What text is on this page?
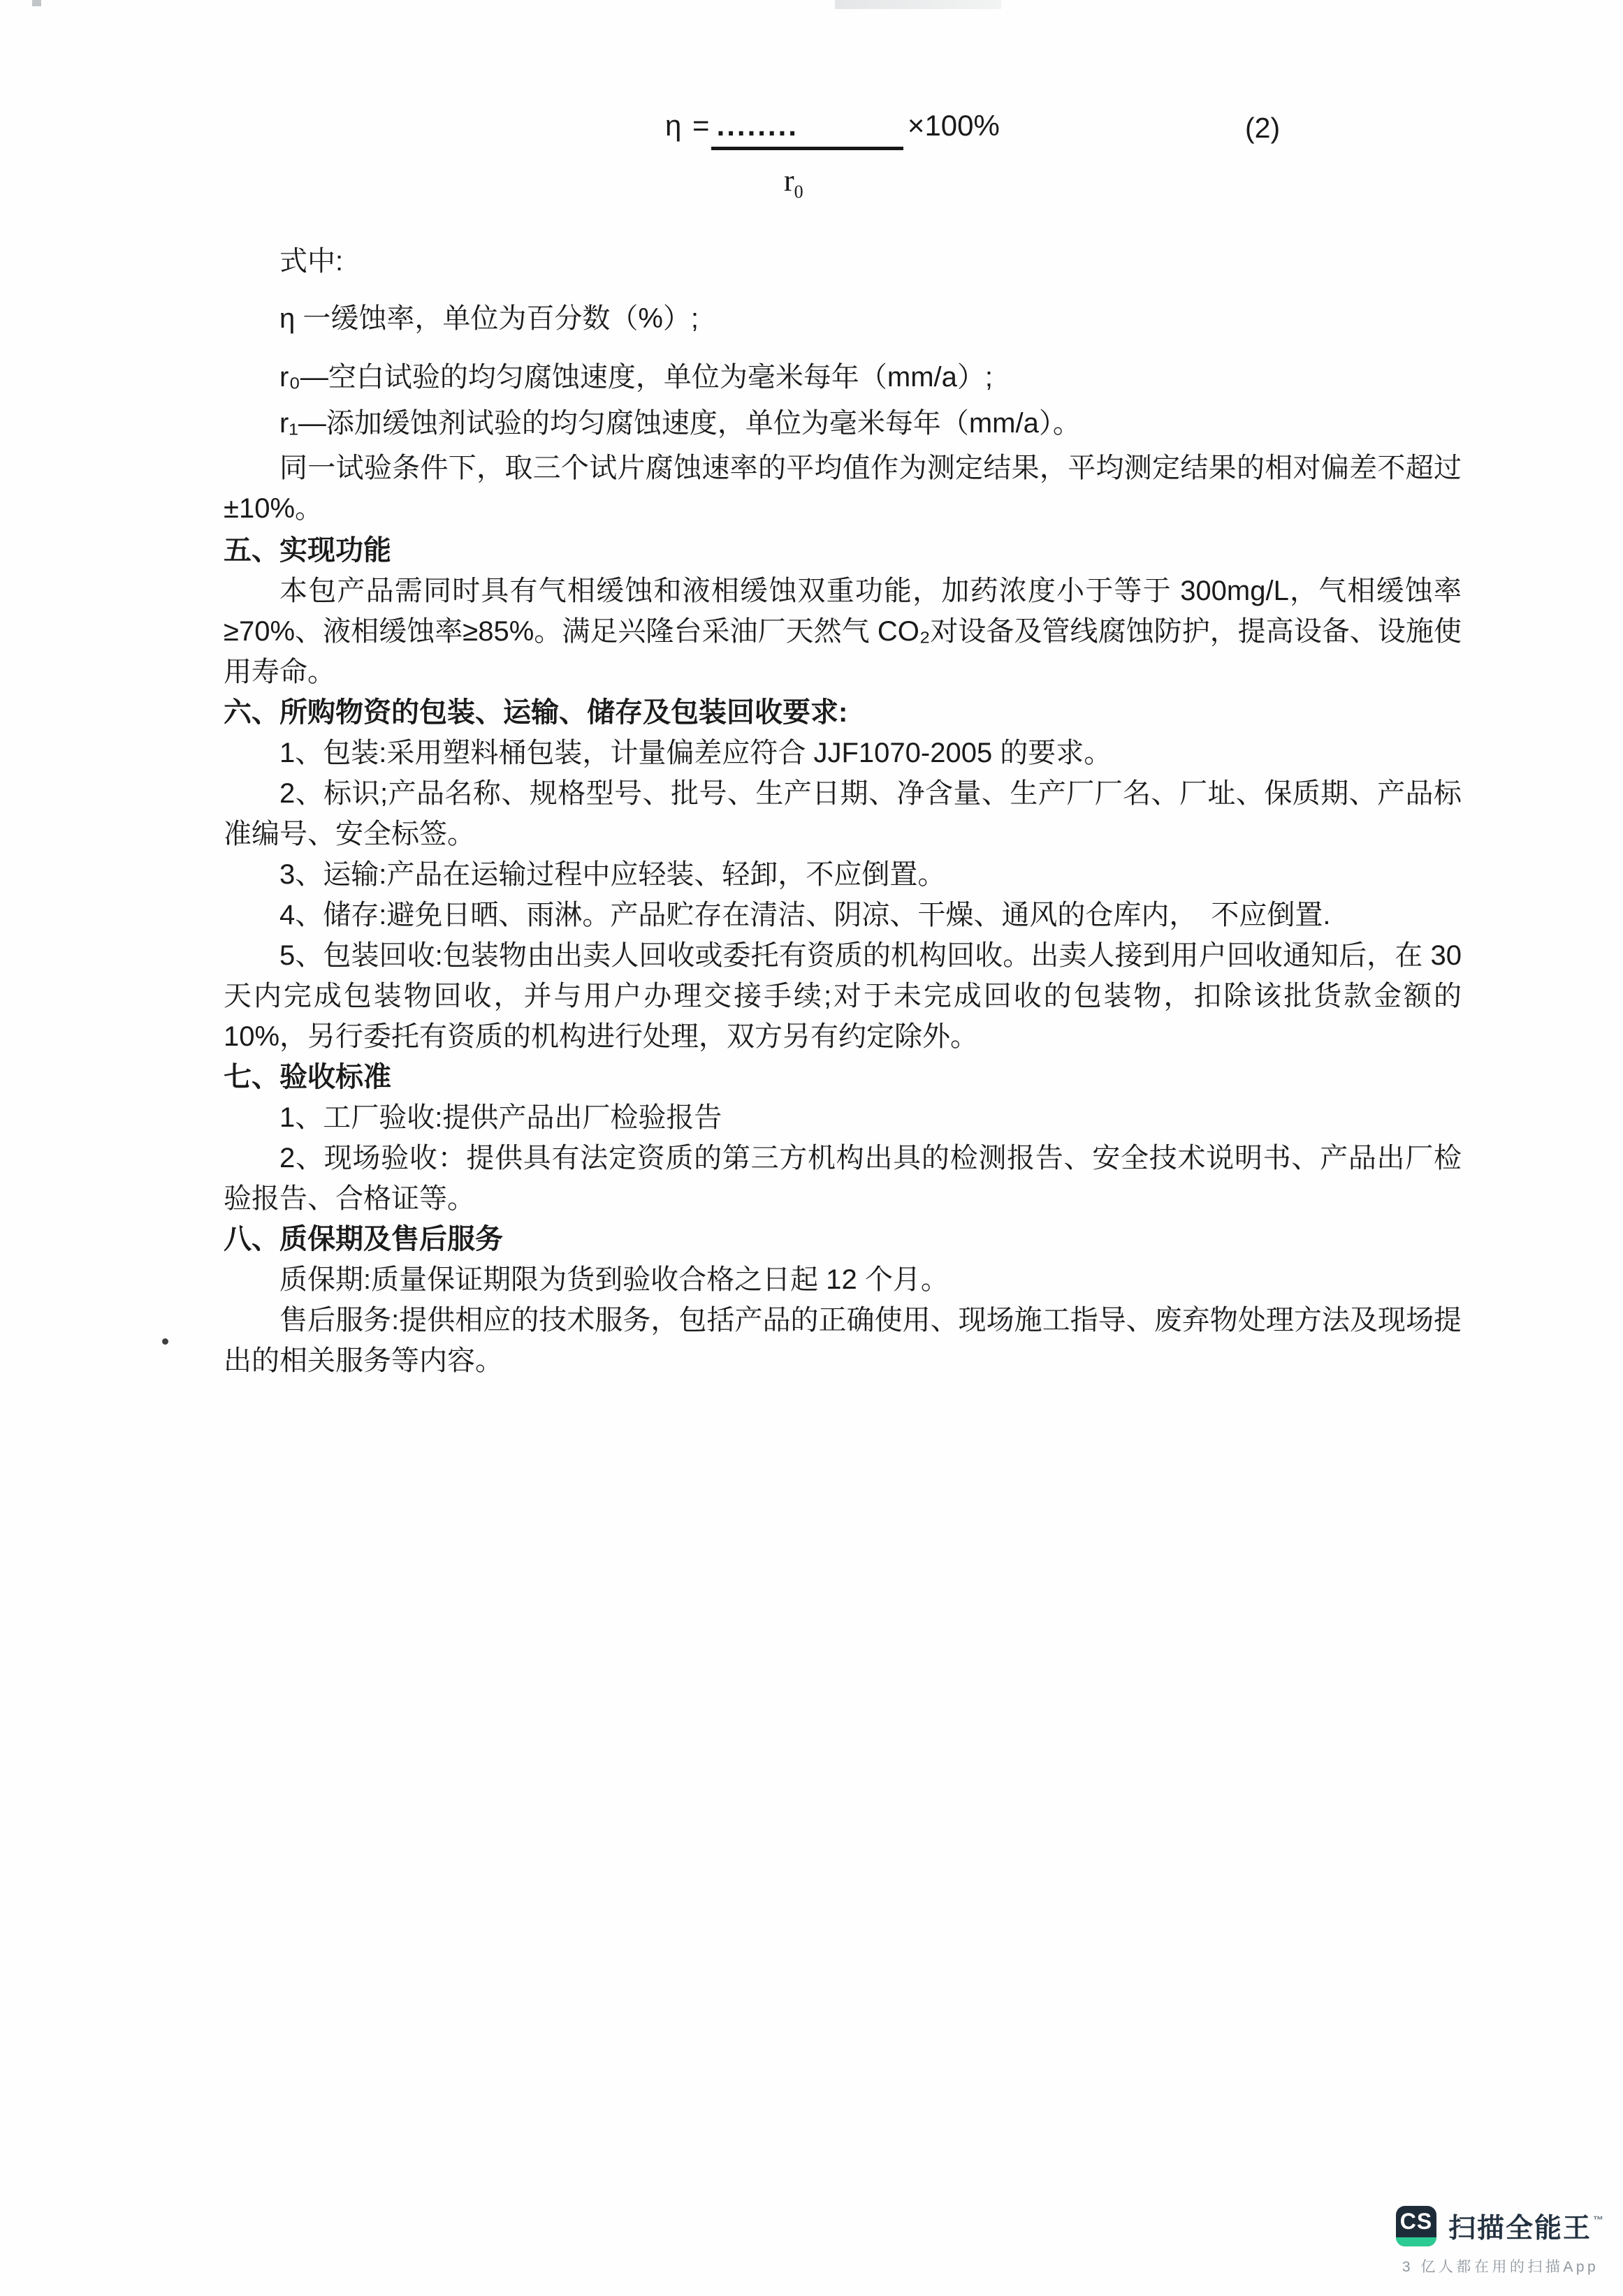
η = ........	×100%	(2)
$r_0$

式中:

η 一缓蚀率，单位为百分数（%）;

r₀—空白试验的均匀腐蚀速度，单位为毫米每年（mm/a）;

r₁—添加缓蚀剂试验的均匀腐蚀速度，单位为毫米每年（mm/a）。

同一试验条件下，取三个试片腐蚀速率的平均值作为测定结果，平均测定结果的相对偏差不超过±10%。

五、实现功能

本包产品需同时具有气相缓蚀和液相缓蚀双重功能，加药浓度小于等于 300mg/L，气相缓蚀率≥70%、液相缓蚀率≥85%。满足兴隆台采油厂天然气 CO₂对设备及管线腐蚀防护，提高设备、设施使用寿命。

六、所购物资的包装、运输、储存及包装回收要求:

1、包装:采用塑料桶包装，计量偏差应符合 JJF1070-2005 的要求。

2、标识;产品名称、规格型号、批号、生产日期、净含量、生产厂厂名、厂址、保质期、产品标准编号、安全标签。

3、运输:产品在运输过程中应轻装、轻卸，不应倒置。

4、储存:避免日晒、雨淋。产品贮存在清洁、阴凉、干燥、通风的仓库内，　不应倒置.

5、包装回收:包装物由出卖人回收或委托有资质的机构回收。出卖人接到用户回收通知后，在 30 天内完成包装物回收，并与用户办理交接手续;对于未完成回收的包装物，扣除该批货款金额的 10%，另行委托有资质的机构进行处理，双方另有约定除外。

七、验收标准

1、工厂验收:提供产品出厂检验报告

2、现场验收：提供具有法定资质的第三方机构出具的检测报告、安全技术说明书、产品出厂检验报告、合格证等。

八、质保期及售后服务

质保期:质量保证期限为货到验收合格之日起 12 个月。

售后服务:提供相应的技术服务，包括产品的正确使用、现场施工指导、废弃物处理方法及现场提出的相关服务等内容。

CS 扫描全能王 ™
3 亿人都在用的扫描App
